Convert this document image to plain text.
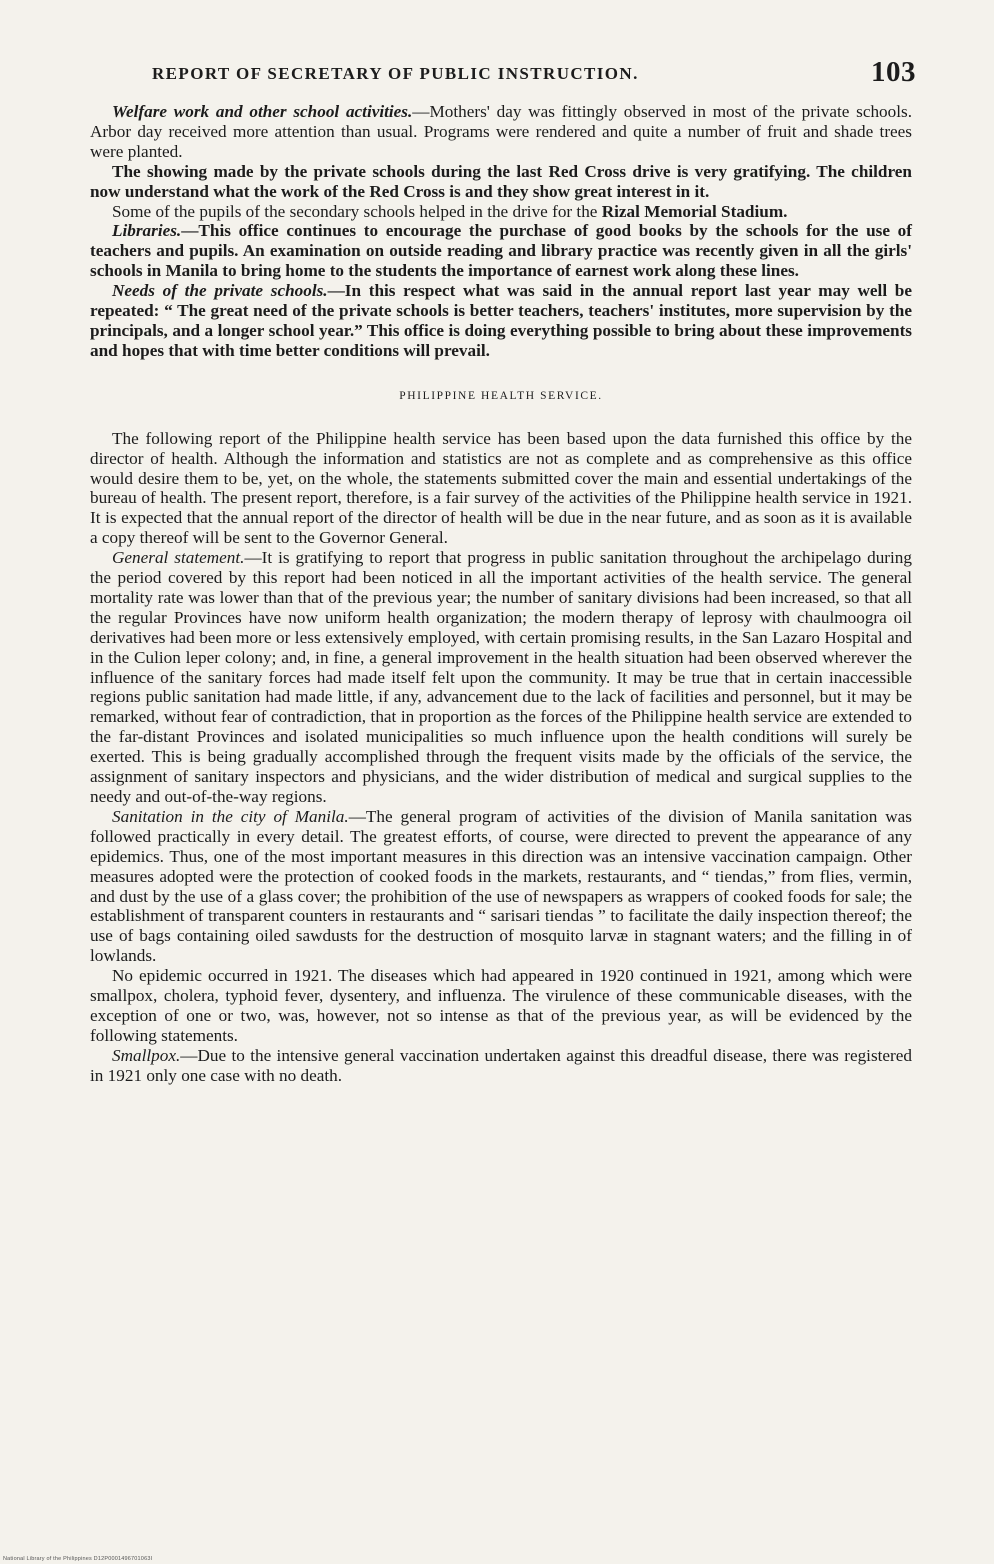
REPORT OF SECRETARY OF PUBLIC INSTRUCTION.	103

Welfare work and other school activities.—Mothers' day was fittingly observed in most of the private schools. Arbor day received more attention than usual. Programs were rendered and quite a number of fruit and shade trees were planted.

The showing made by the private schools during the last Red Cross drive is very gratifying. The children now understand what the work of the Red Cross is and they show great interest in it.

Some of the pupils of the secondary schools helped in the drive for the Rizal Memorial Stadium.

Libraries.—This office continues to encourage the purchase of good books by the schools for the use of teachers and pupils. An examination on outside reading and library practice was recently given in all the girls' schools in Manila to bring home to the students the importance of earnest work along these lines.

Needs of the private schools.—In this respect what was said in the annual report last year may well be repeated: “ The great need of the private schools is better teachers, teachers' institutes, more supervision by the principals, and a longer school year.” This office is doing everything possible to bring about these improvements and hopes that with time better conditions will prevail.

PHILIPPINE HEALTH SERVICE.

The following report of the Philippine health service has been based upon the data furnished this office by the director of health. Although the information and statistics are not as complete and as comprehensive as this office would desire them to be, yet, on the whole, the statements submitted cover the main and essential undertakings of the bureau of health. The present report, therefore, is a fair survey of the activities of the Philippine health service in 1921. It is expected that the annual report of the director of health will be due in the near future, and as soon as it is available a copy thereof will be sent to the Governor General.

General statement.—It is gratifying to report that progress in public sanitation throughout the archipelago during the period covered by this report had been noticed in all the important activities of the health service. The general mortality rate was lower than that of the previous year; the number of sanitary divisions had been increased, so that all the regular Provinces have now uniform health organization; the modern therapy of leprosy with chaulmoogra oil derivatives had been more or less extensively employed, with certain promising results, in the San Lazaro Hospital and in the Culion leper colony; and, in fine, a general improvement in the health situation had been observed wherever the influence of the sanitary forces had made itself felt upon the community. It may be true that in certain inaccessible regions public sanitation had made little, if any, advancement due to the lack of facilities and personnel, but it may be remarked, without fear of contradiction, that in proportion as the forces of the Philippine health service are extended to the far-distant Provinces and isolated municipalities so much influence upon the health conditions will surely be exerted. This is being gradually accomplished through the frequent visits made by the officials of the service, the assignment of sanitary inspectors and physicians, and the wider distribution of medical and surgical supplies to the needy and out-of-the-way regions.

Sanitation in the city of Manila.—The general program of activities of the division of Manila sanitation was followed practically in every detail. The greatest efforts, of course, were directed to prevent the appearance of any epidemics. Thus, one of the most important measures in this direction was an intensive vaccination campaign. Other measures adopted were the protection of cooked foods in the markets, restaurants, and “ tiendas,” from flies, vermin, and dust by the use of a glass cover; the prohibition of the use of newspapers as wrappers of cooked foods for sale; the establishment of transparent counters in restaurants and “ sarisari tiendas ” to facilitate the daily inspection thereof; the use of bags containing oiled sawdusts for the destruction of mosquito larvæ in stagnant waters; and the filling in of lowlands.

No epidemic occurred in 1921. The diseases which had appeared in 1920 continued in 1921, among which were smallpox, cholera, typhoid fever, dysentery, and influenza. The virulence of these communicable diseases, with the exception of one or two, was, however, not so intense as that of the previous year, as will be evidenced by the following statements.

Smallpox.—Due to the intensive general vaccination undertaken against this dreadful disease, there was registered in 1921 only one case with no death.

National Library of the Philippines D12P0001496701063I
